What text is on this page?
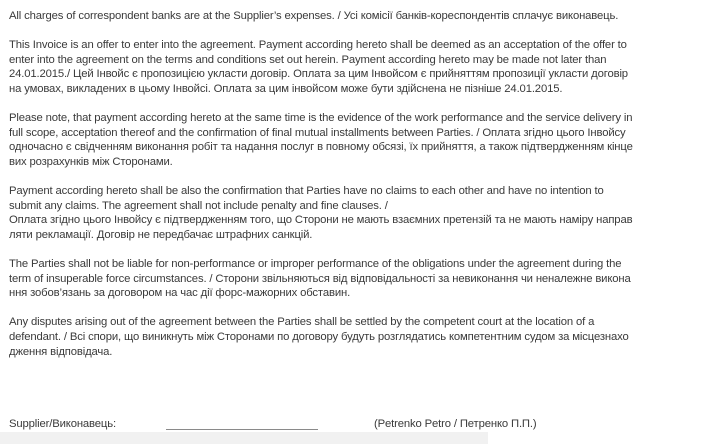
All charges of correspondent banks are at the Supplier’s expenses. / Усі комісії банків-кореспондентів сплачує виконавець.

This Invoice is an offer to enter into the agreement. Payment according hereto shall be deemed as an acceptation of the offer to
enter into the agreement on the terms and conditions set out herein. Payment according hereto may be made not later than
24.01.2015./ Цей Інвойс є пропозицією укласти договір. Оплата за цим Інвойсом є прийняттям пропозиції укласти договір
на умовах, викладених в цьому Інвойсі. Оплата за цим інвойсом може бути здійснена не пізніше 24.01.2015.

Please note, that payment according hereto at the same time is the evidence of the work performance and the service delivery in
full scope, acceptation thereof and the confirmation of final mutual installments between Parties. / Оплата згідно цього Інвойсу
одночасно є свідченням виконання робіт та надання послуг в повному обсязі, їх прийняття, а також підтвердженням кінце
вих розрахунків між Сторонами.

Payment according hereto shall be also the confirmation that Parties have no claims to each other and have no intention to
submit any claims. The agreement shall not include penalty and fine clauses. /
Оплата згідно цього Інвойсу є підтвердженням того, що Сторони не мають взаємних претензій та не мають наміру направ
ляти рекламації. Договір не передбачає штрафних санкцій.

The Parties shall not be liable for non-performance or improper performance of the obligations under the agreement during the
term of insuperable force circumstances. / Сторони звільняються від відповідальності за невиконання чи неналежне викона
ння зобов’язань за договором на час дії форс-мажорних обставин.

Any disputes arising out of the agreement between the Parties shall be settled by the competent court at the location of a
defendant. / Всі спори, що виникнуть між Сторонами по договору будуть розглядатись компетентним судом за місцезнахо
дження відповідача.

Supplier/Виконавець:	(Petrenko Petro / Петренко П.П.)
